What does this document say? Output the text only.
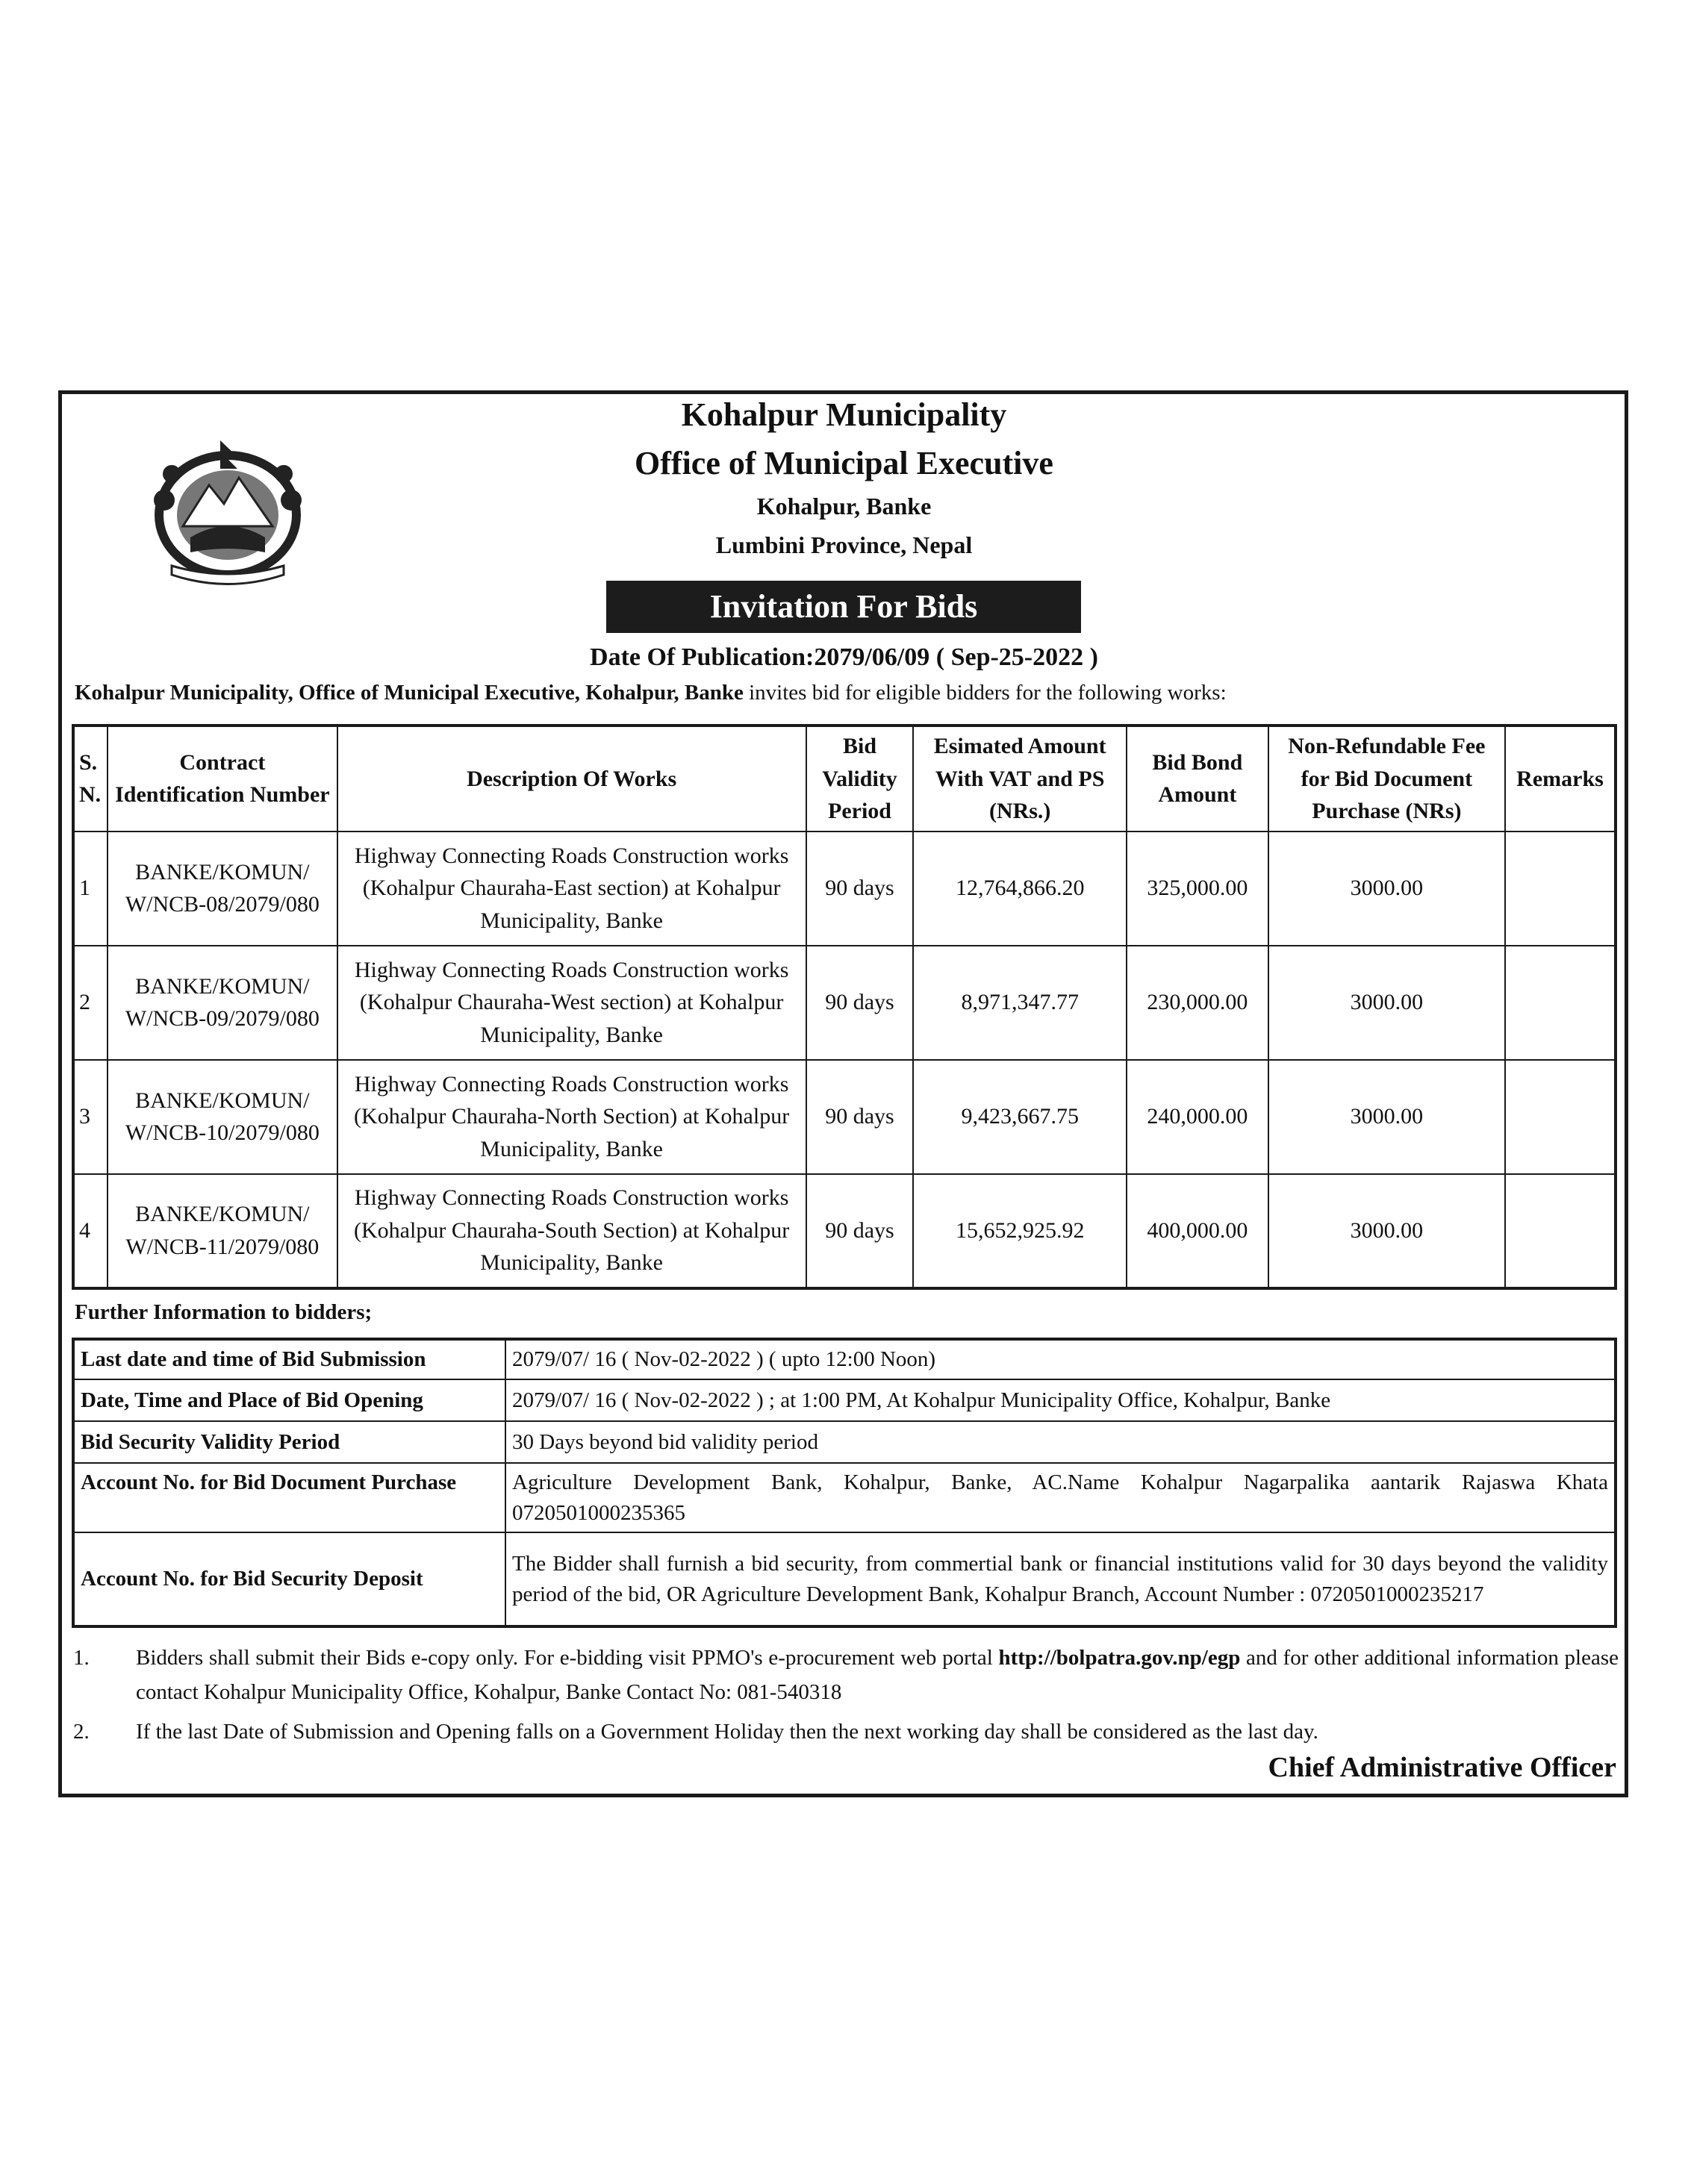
Kohalpur Municipality
Office of Municipal Executive
Kohalpur, Banke
Lumbini Province, Nepal
Invitation For Bids
Date Of Publication:2079/06/09 ( Sep-25-2022 )
Kohalpur Municipality, Office of Municipal Executive, Kohalpur, Banke invites bid for eligible bidders for the following works:
S. N.	Contract Identification Number	Description Of Works	Bid Validity Period	Esimated Amount With VAT and PS (NRs.)	Bid Bond Amount	Non-Refundable Fee for Bid Document Purchase (NRs)	Remarks
1	BANKE/KOMUN/ W/NCB-08/2079/080	Highway Connecting Roads Construction works (Kohalpur Chauraha-East section) at Kohalpur Municipality, Banke	90 days	12,764,866.20	325,000.00	3000.00	
2	BANKE/KOMUN/ W/NCB-09/2079/080	Highway Connecting Roads Construction works (Kohalpur Chauraha-West section) at Kohalpur Municipality, Banke	90 days	8,971,347.77	230,000.00	3000.00	
3	BANKE/KOMUN/ W/NCB-10/2079/080	Highway Connecting Roads Construction works (Kohalpur Chauraha-North Section) at Kohalpur Municipality, Banke	90 days	9,423,667.75	240,000.00	3000.00	
4	BANKE/KOMUN/ W/NCB-11/2079/080	Highway Connecting Roads Construction works (Kohalpur Chauraha-South Section) at Kohalpur Municipality, Banke	90 days	15,652,925.92	400,000.00	3000.00	
Further Information to bidders;
Last date and time of Bid Submission	2079/07/ 16 ( Nov-02-2022 ) ( upto 12:00 Noon)
Date, Time and Place of Bid Opening	2079/07/ 16 ( Nov-02-2022 ) ; at 1:00 PM, At Kohalpur Municipality Office, Kohalpur, Banke
Bid Security Validity Period	30 Days beyond bid validity period
Account No. for Bid Document Purchase	Agriculture Development Bank, Kohalpur, Banke, AC.Name Kohalpur Nagarpalika aantarik Rajaswa Khata 0720501000235365
Account No. for Bid Security Deposit	The Bidder shall furnish a bid security, from commertial bank or financial institutions valid for 30 days beyond the validity period of the bid, OR Agriculture Development Bank, Kohalpur Branch, Account Number : 0720501000235217
1.	Bidders shall submit their Bids e-copy only. For e-bidding visit PPMO's e-procurement web portal http://bolpatra.gov.np/egp and for other additional information please contact Kohalpur Municipality Office, Kohalpur, Banke Contact No: 081-540318
2.	If the last Date of Submission and Opening falls on a Government Holiday then the next working day shall be considered as the last day.
Chief Administrative Officer
